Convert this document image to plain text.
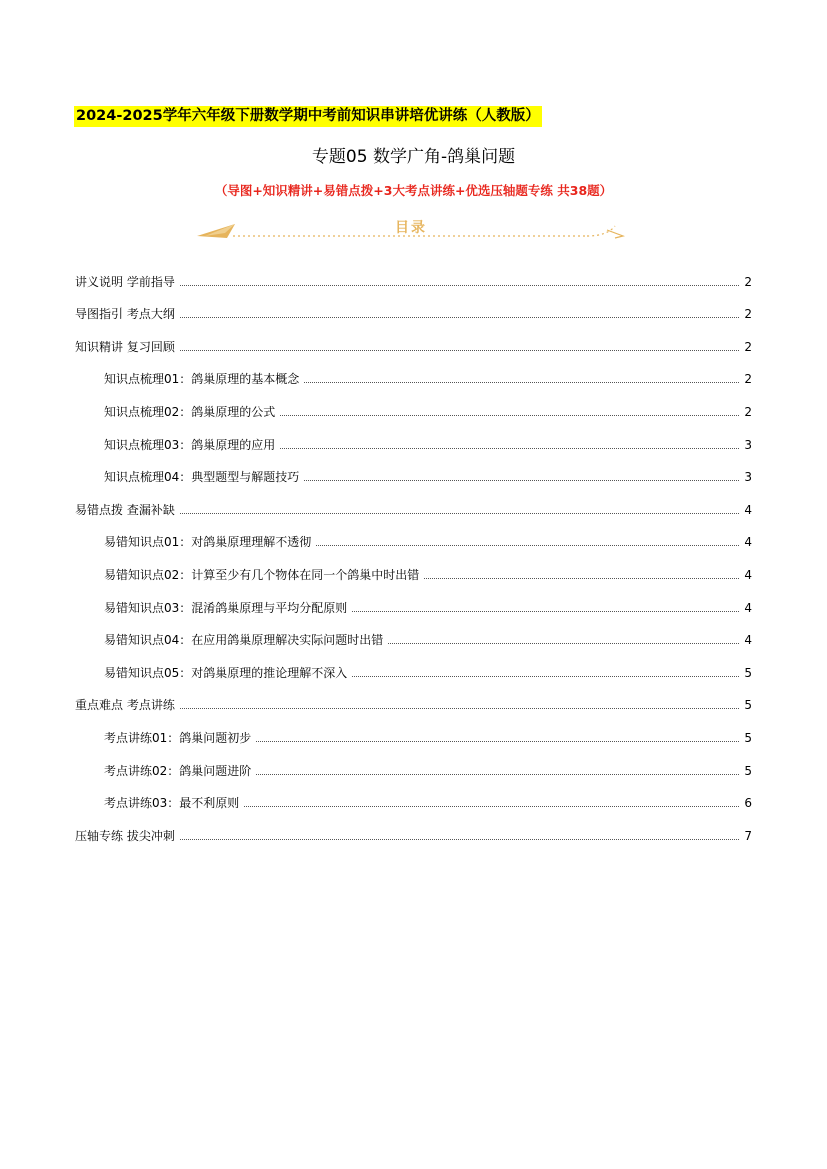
2024-2025学年六年级下册数学期中考前知识串讲培优讲练（人教版）
专题05 数学广角-鸽巢问题
（导图+知识精讲+易错点拨+3大考点讲练+优选压轴题专练 共38题）
目录
讲义说明 学前指导	2
导图指引 考点大纲	2
知识精讲 复习回顾	2
知识点梳理01：鸽巢原理的基本概念	2
知识点梳理02：鸽巢原理的公式	2
知识点梳理03：鸽巢原理的应用	3
知识点梳理04：典型题型与解题技巧	3
易错点拨 查漏补缺	4
易错知识点01：对鸽巢原理理解不透彻	4
易错知识点02：计算至少有几个物体在同一个鸽巢中时出错	4
易错知识点03：混淆鸽巢原理与平均分配原则	4
易错知识点04：在应用鸽巢原理解决实际问题时出错	4
易错知识点05：对鸽巢原理的推论理解不深入	5
重点难点 考点讲练	5
考点讲练01：鸽巢问题初步	5
考点讲练02：鸽巢问题进阶	5
考点讲练03：最不利原则	6
压轴专练 拔尖冲刺	7
